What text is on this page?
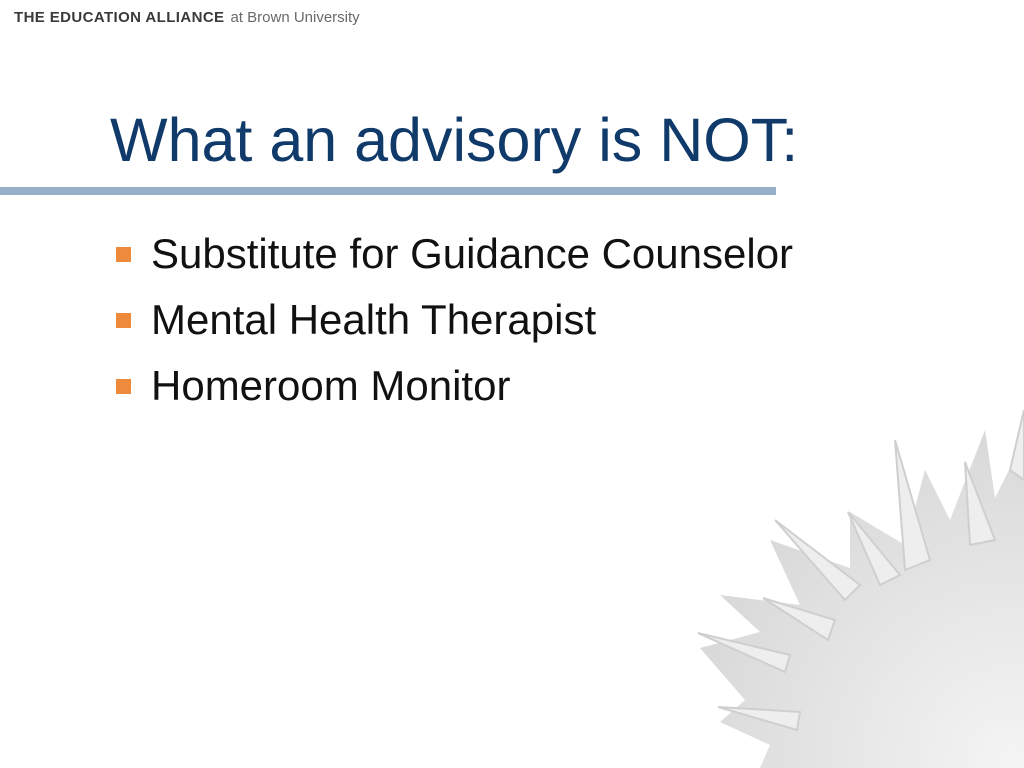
THE EDUCATION ALLIANCE at Brown University
What an advisory is NOT:
Substitute for Guidance Counselor
Mental Health Therapist
Homeroom Monitor
